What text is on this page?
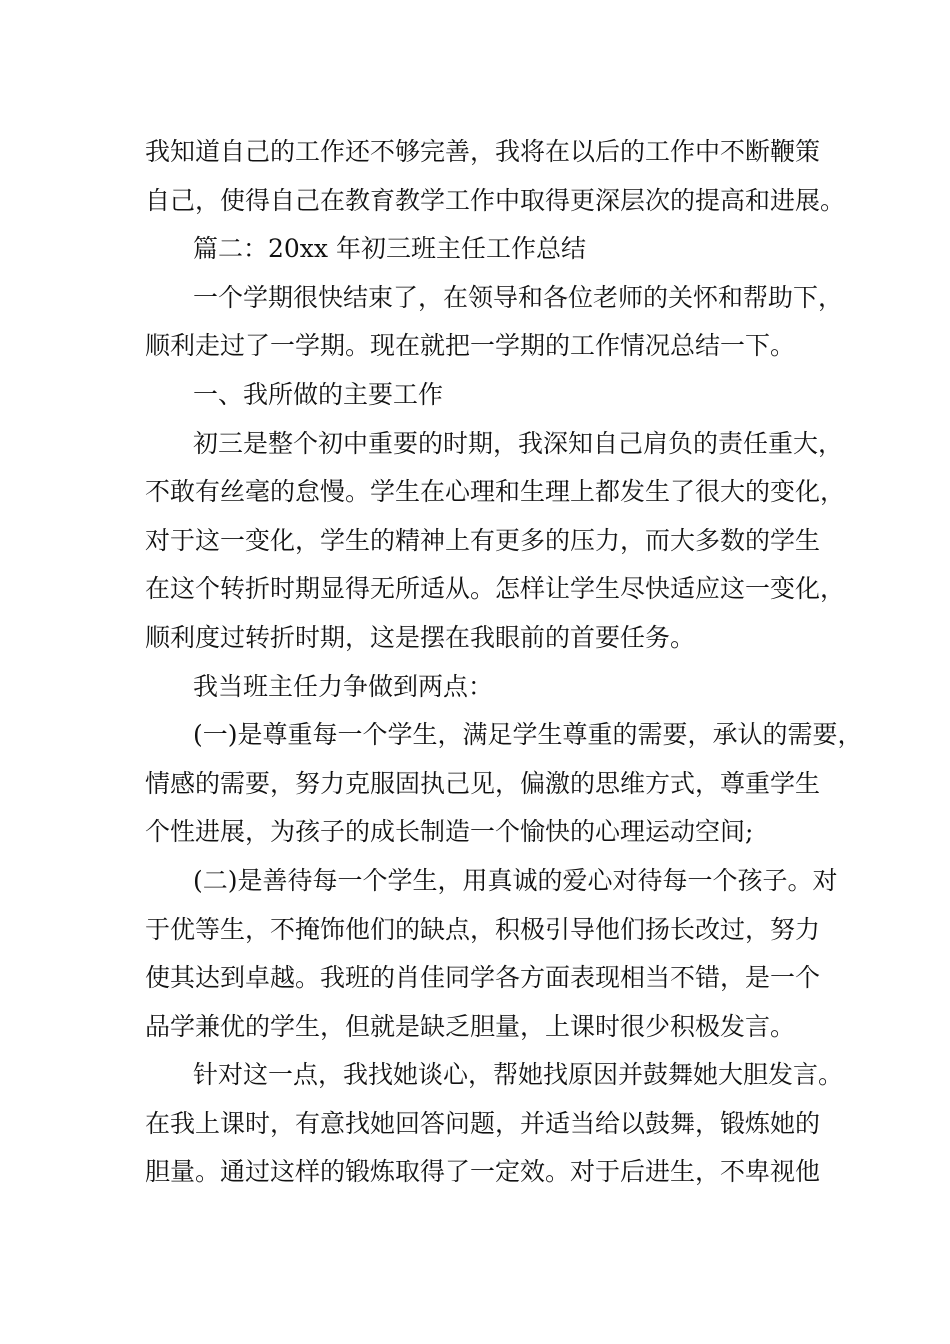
我知道自己的工作还不够完善，我将在以后的工作中不断鞭策

自己，使得自己在教育教学工作中取得更深层次的提高和进展。

篇二：20xx 年初三班主任工作总结

一个学期很快结束了，在领导和各位老师的关怀和帮助下，

顺利走过了一学期。现在就把一学期的工作情况总结一下。

一、我所做的主要工作

初三是整个初中重要的时期，我深知自己肩负的责任重大，

不敢有丝毫的怠慢。学生在心理和生理上都发生了很大的变化，

对于这一变化，学生的精神上有更多的压力，而大多数的学生

在这个转折时期显得无所适从。怎样让学生尽快适应这一变化，

顺利度过转折时期，这是摆在我眼前的首要任务。

我当班主任力争做到两点：

(一)是尊重每一个学生，满足学生尊重的需要，承认的需要，

情感的需要，努力克服固执己见，偏激的思维方式，尊重学生

个性进展，为孩子的成长制造一个愉快的心理运动空间;

(二)是善待每一个学生，用真诚的爱心对待每一个孩子。对

于优等生，不掩饰他们的缺点，积极引导他们扬长改过，努力

使其达到卓越。我班的肖佳同学各方面表现相当不错，是一个

品学兼优的学生，但就是缺乏胆量，上课时很少积极发言。

针对这一点，我找她谈心，帮她找原因并鼓舞她大胆发言。

在我上课时，有意找她回答问题，并适当给以鼓舞，锻炼她的

胆量。通过这样的锻炼取得了一定效。对于后进生，不卑视他
